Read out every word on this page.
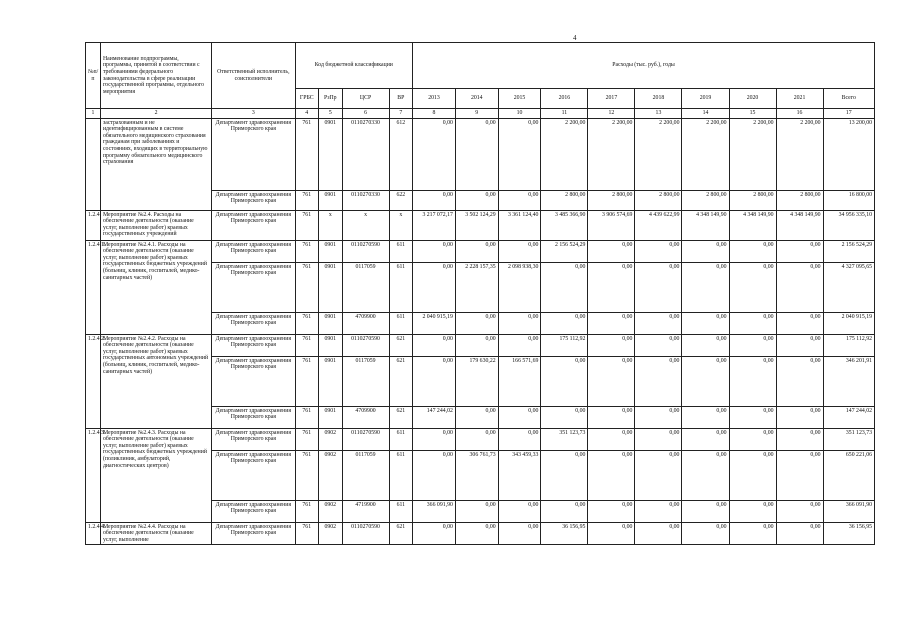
4
№п/п	Наименование подпрограммы, программы, принятой в соответствии с требованиями федерального законодательства в сфере реализации государственной программы, отдельного мероприятия	Ответственный исполнитель, соисполнители	Код бюджетной классификации				Расходы (тыс. руб.), годы									
			ГРБС	РзПр	ЦСР	ВР	2013	2014	2015	2016	2017	2018	2019	2020	2021	Всего
1	2	3	4	5	6	7	8	9	10	11	12	13	14	15	16	17
	застрахованным и не идентифицированным в системе обязательного медицинского страхования гражданам при заболеваниях и состояниях, входящих в территориальную программу обязательного медицинского страхования	Департамент здравоохранения Приморского края	761	0901	0110270330	612	0,00	0,00	0,00	2 200,00	2 200,00	2 200,00	2 200,00	2 200,00	2 200,00	13 200,00
		Департамент здравоохранения Приморского края	761	0901	0110270330	622	0,00	0,00	0,00	2 800,00	2 800,00	2 800,00	2 800,00	2 800,00	2 800,00	16 800,00
1.2.4.	Мероприятие №2.4. Расходы на обеспечение деятельности (оказание услуг, выполнение работ) краевых государственных учреждений	Департамент здравоохранения Приморского края	761	х	х	х	3 217 072,17	3 502 124,29	3 361 124,40	3 485 366,90	3 906 574,69	4 439 622,99	4 348 149,90	4 348 149,90	4 348 149,90	34 956 335,10
1.2.4.1.	Мероприятие №2.4.1. Расходы на обеспечение деятельности (оказание услуг, выполнение работ) краевых государственных бюджетных учреждений (больниц, клиник, госпиталей, медико-санитарных частей)	Департамент здравоохранения Приморского края	761	0901	0110270590	611	0,00	0,00	0,00	2 156 524,29	0,00	0,00	0,00	0,00	0,00	2 156 524,29
		Департамент здравоохранения Приморского края	761	0901	0117059	611	0,00	2 228 157,35	2 098 938,30	0,00	0,00	0,00	0,00	0,00	0,00	4 327 095,65
		Департамент здравоохранения Приморского края	761	0901	4709900	611	2 040 915,19	0,00	0,00	0,00	0,00	0,00	0,00	0,00	0,00	2 040 915,19
1.2.4.2.	Мероприятие №2.4.2. Расходы на обеспечение деятельности (оказание услуг, выполнение работ) краевых государственных автономных учреждений (больниц, клиник, госпиталей, медико-санитарных частей)	Департамент здравоохранения Приморского края	761	0901	0110270590	621	0,00	0,00	0,00	175 112,92	0,00	0,00	0,00	0,00	0,00	175 112,92
		Департамент здравоохранения Приморского края	761	0901	0117059	621	0,00	179 630,22	166 571,69	0,00	0,00	0,00	0,00	0,00	0,00	346 201,91
		Департамент здравоохранения Приморского края	761	0901	4709900	621	147 244,02	0,00	0,00	0,00	0,00	0,00	0,00	0,00	0,00	147 244,02
1.2.4.3.	Мероприятие №2.4.3. Расходы на обеспечение деятельности (оказание услуг, выполнение работ) краевых государственных бюджетных учреждений (поликлиник, амбулаторий, диагностических центров)	Департамент здравоохранения Приморского края	761	0902	0110270590	611	0,00	0,00	0,00	351 123,73	0,00	0,00	0,00	0,00	0,00	351 123,73
		Департамент здравоохранения Приморского края	761	0902	0117059	611	0,00	306 761,73	343 459,33	0,00	0,00	0,00	0,00	0,00	0,00	650 221,06
		Департамент здравоохранения Приморского края	761	0902	4719900	611	366 091,90	0,00	0,00	0,00	0,00	0,00	0,00	0,00	0,00	366 091,90
1.2.4.4.	Мероприятие №2.4.4. Расходы на обеспечение деятельности (оказание услуг, выполнение	Департамент здравоохранения Приморского края	761	0902	0110270590	621	0,00	0,00	0,00	36 156,95	0,00	0,00	0,00	0,00	0,00	36 156,95
